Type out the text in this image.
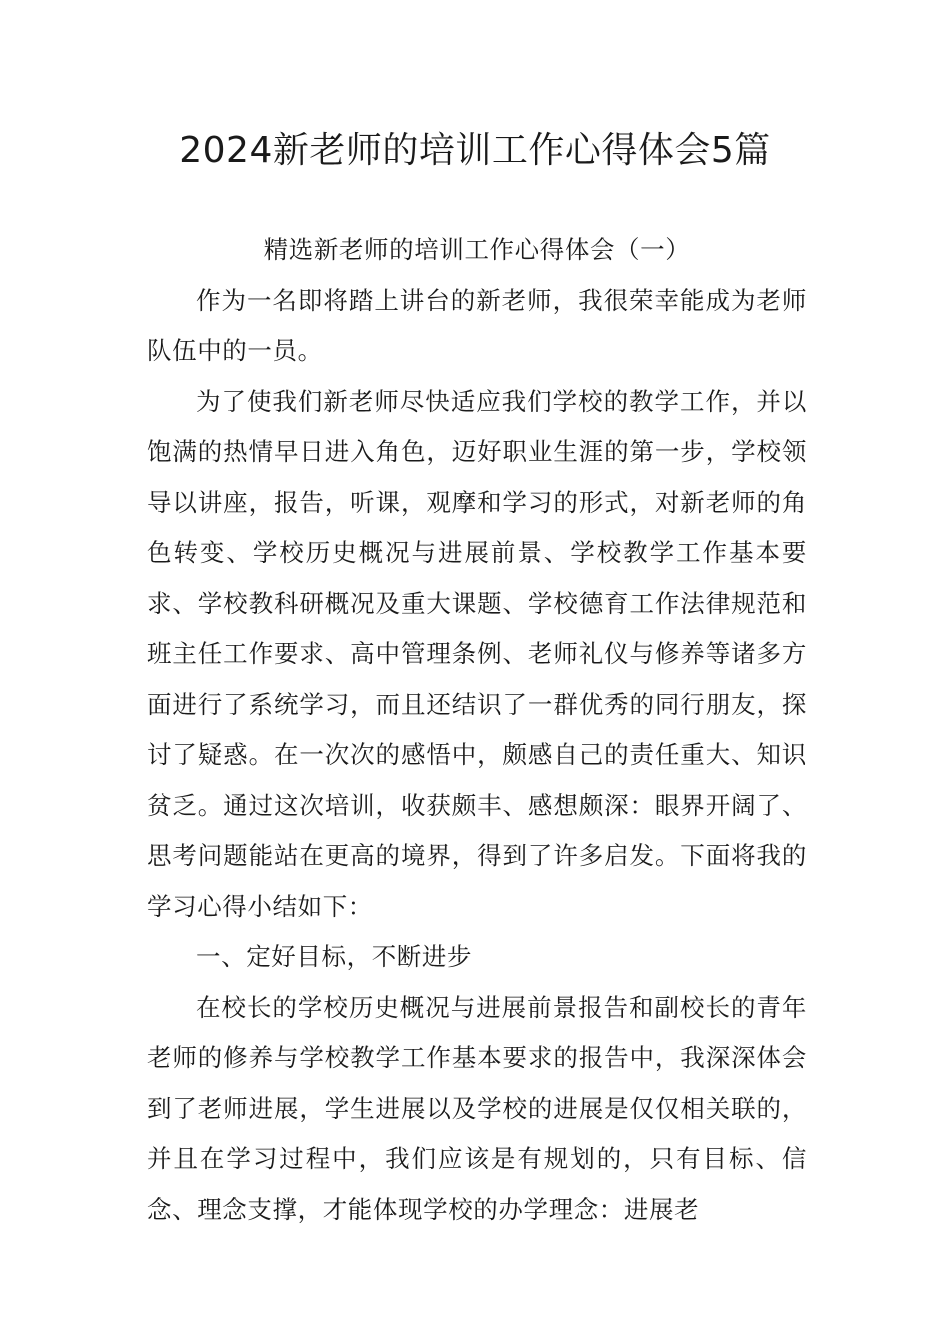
2024新老师的培训工作心得体会5篇

精选新老师的培训工作心得体会（一）

作为一名即将踏上讲台的新老师，我很荣幸能成为老师队伍中的一员。

为了使我们新老师尽快适应我们学校的教学工作，并以饱满的热情早日进入角色，迈好职业生涯的第一步，学校领导以讲座，报告，听课，观摩和学习的形式，对新老师的角色转变、学校历史概况与进展前景、学校教学工作基本要求、学校教科研概况及重大课题、学校德育工作法律规范和班主任工作要求、高中管理条例、老师礼仪与修养等诸多方面进行了系统学习，而且还结识了一群优秀的同行朋友，探讨了疑惑。在一次次的感悟中，颇感自己的责任重大、知识贫乏。通过这次培训，收获颇丰、感想颇深：眼界开阔了、思考问题能站在更高的境界，得到了许多启发。下面将我的学习心得小结如下：

一、定好目标，不断进步

在校长的学校历史概况与进展前景报告和副校长的青年老师的修养与学校教学工作基本要求的报告中，我深深体会到了老师进展，学生进展以及学校的进展是仅仅相关联的，并且在学习过程中，我们应该是有规划的，只有目标、信念、理念支撑，才能体现学校的办学理念：进展老
